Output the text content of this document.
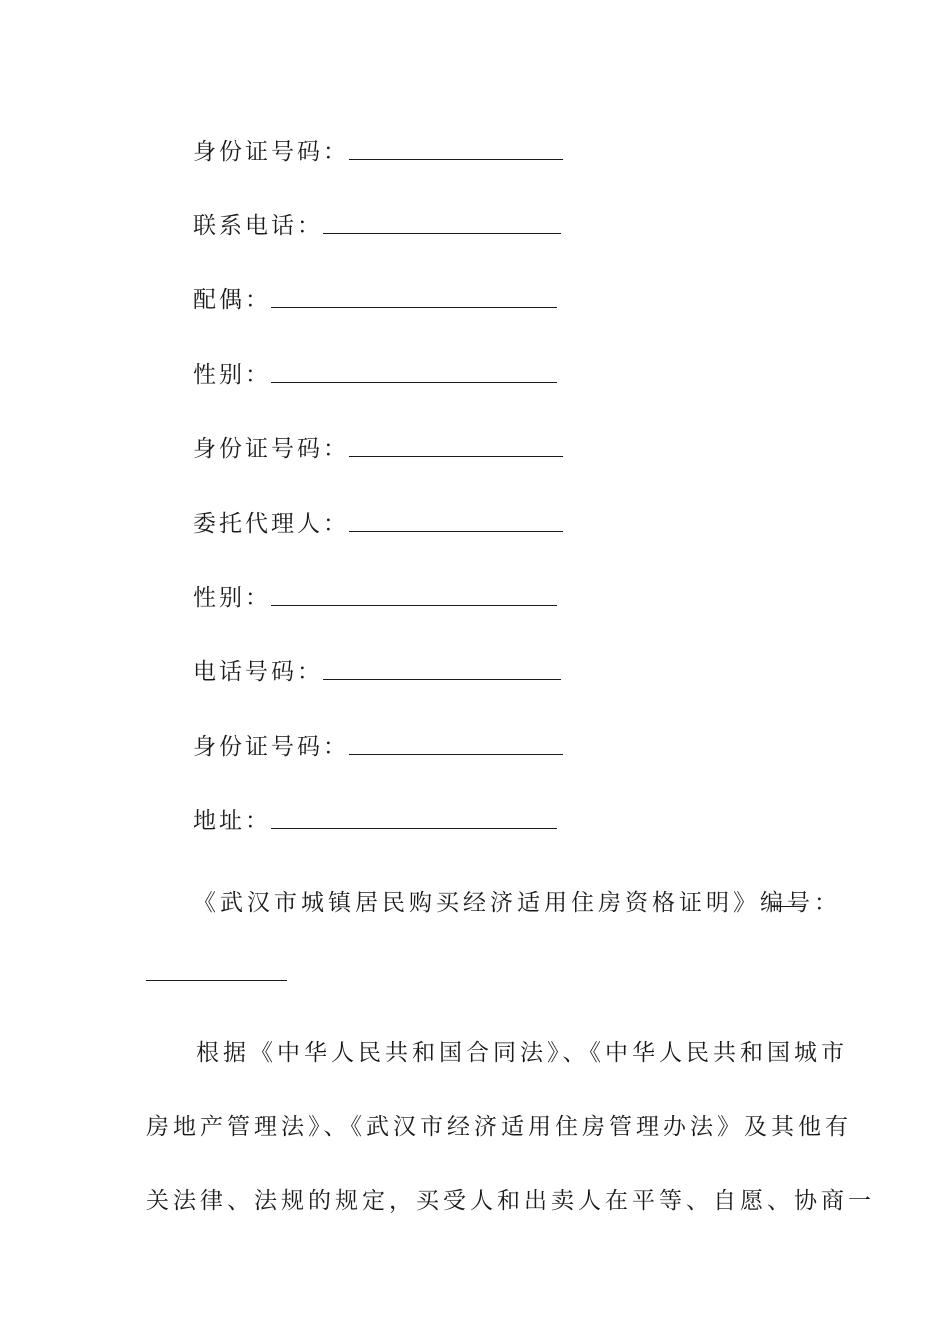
身份证号码：
联系电话：
配偶：
性别：
身份证号码：
委托代理人：
性别：
电话号码：
身份证号码：
地址：
《武汉市城镇居民购买经济适用住房资格证明》编号：
根据《中华人民共和国合同法》、《中华人民共和国城市
房地产管理法》、《武汉市经济适用住房管理办法》及其他有
关法律、法规的规定，买受人和出卖人在平等、自愿、协商一
